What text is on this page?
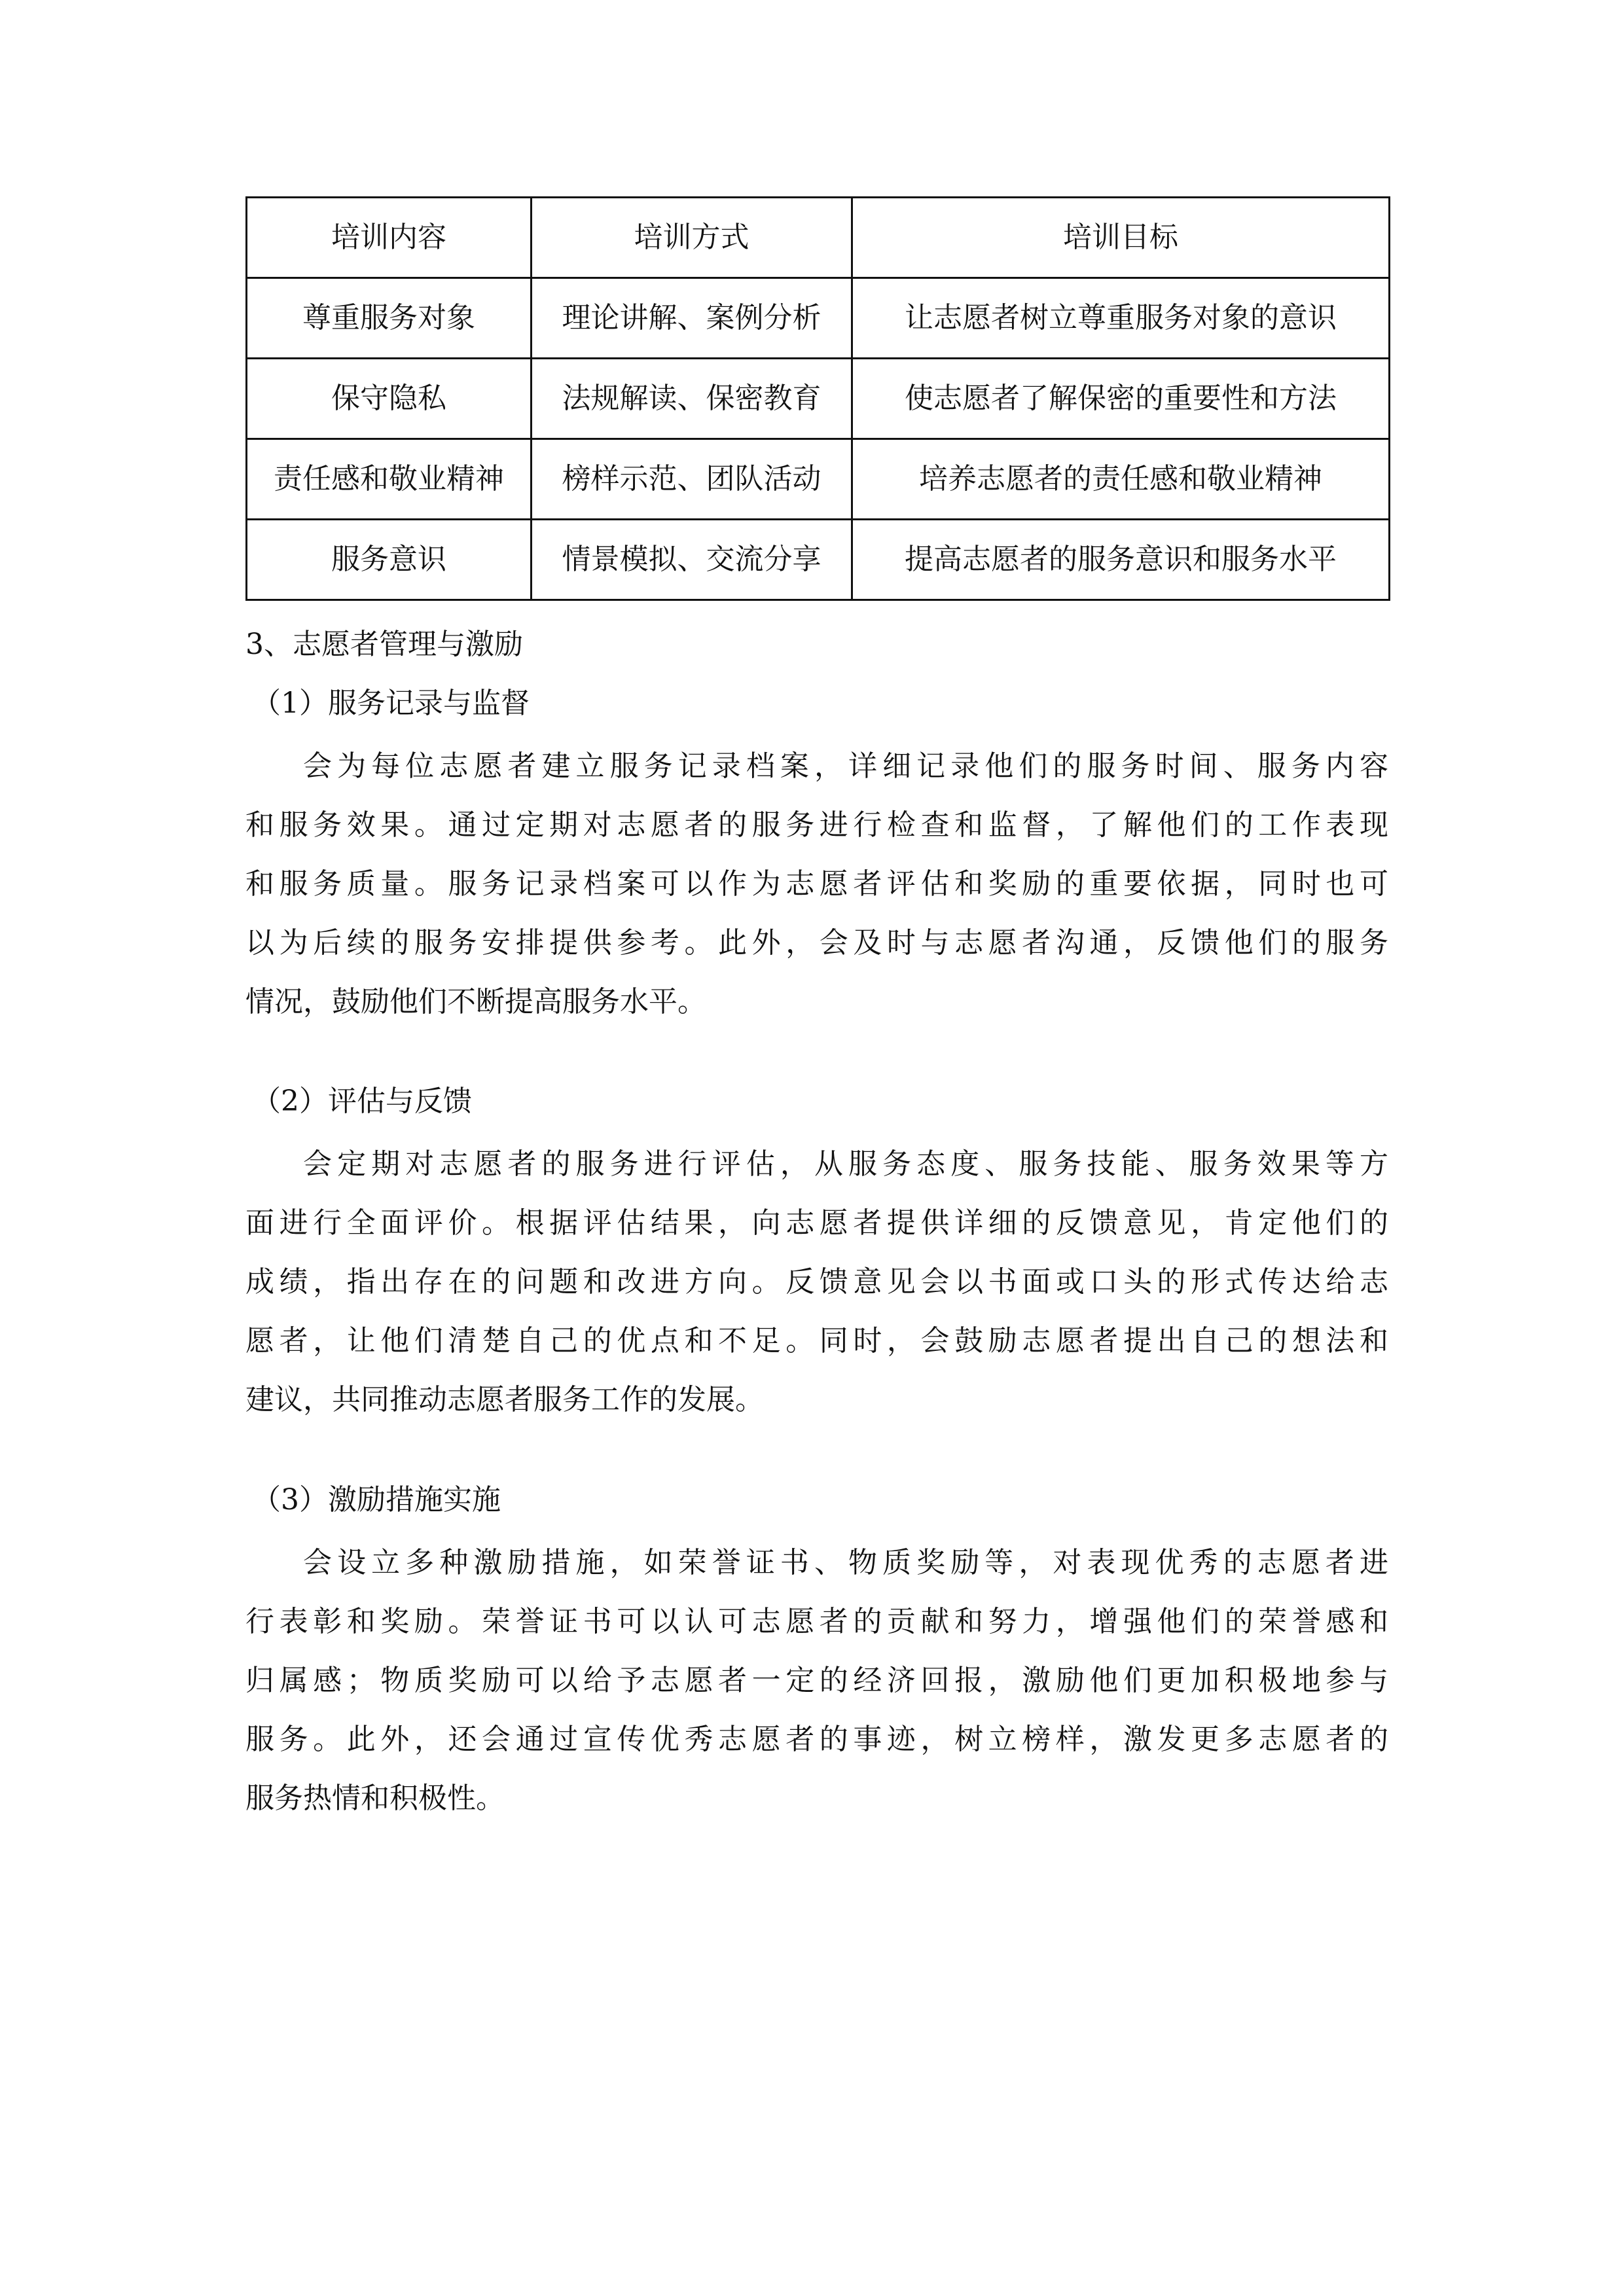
培训内容	培训方式	培训目标
尊重服务对象	理论讲解、案例分析	让志愿者树立尊重服务对象的意识
保守隐私	法规解读、保密教育	使志愿者了解保密的重要性和方法
责任感和敬业精神	榜样示范、团队活动	培养志愿者的责任感和敬业精神
服务意识	情景模拟、交流分享	提高志愿者的服务意识和服务水平
3、志愿者管理与激励
（1）服务记录与监督
会为每位志愿者建立服务记录档案，详细记录他们的服务时间、服务内容
和服务效果。通过定期对志愿者的服务进行检查和监督，了解他们的工作表现
和服务质量。服务记录档案可以作为志愿者评估和奖励的重要依据，同时也可
以为后续的服务安排提供参考。此外，会及时与志愿者沟通，反馈他们的服务
情况，鼓励他们不断提高服务水平。
（2）评估与反馈
会定期对志愿者的服务进行评估，从服务态度、服务技能、服务效果等方
面进行全面评价。根据评估结果，向志愿者提供详细的反馈意见，肯定他们的
成绩，指出存在的问题和改进方向。反馈意见会以书面或口头的形式传达给志
愿者，让他们清楚自己的优点和不足。同时，会鼓励志愿者提出自己的想法和
建议，共同推动志愿者服务工作的发展。
（3）激励措施实施
会设立多种激励措施，如荣誉证书、物质奖励等，对表现优秀的志愿者进
行表彰和奖励。荣誉证书可以认可志愿者的贡献和努力，增强他们的荣誉感和
归属感；物质奖励可以给予志愿者一定的经济回报，激励他们更加积极地参与
服务。此外，还会通过宣传优秀志愿者的事迹，树立榜样，激发更多志愿者的
服务热情和积极性。
